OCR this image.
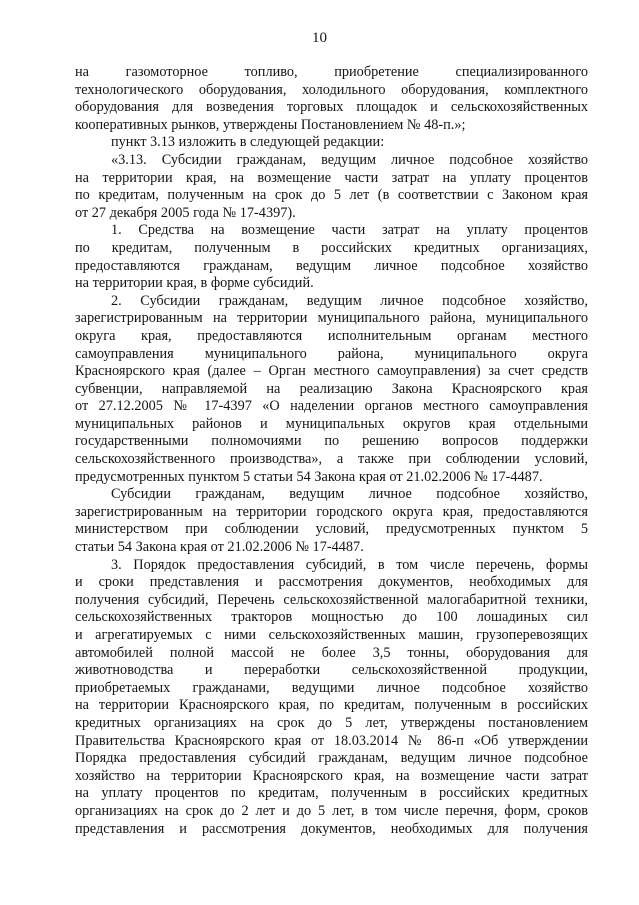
10
на газомоторное топливо, приобретение специализированного
технологического оборудования, холодильного оборудования, комплектного
оборудования для возведения торговых площадок и сельскохозяйственных
кооперативных рынков, утверждены Постановлением № 48-п.»;
пункт 3.13 изложить в следующей редакции:
«3.13. Субсидии гражданам, ведущим личное подсобное хозяйство
на территории края, на возмещение части затрат на уплату процентов
по кредитам, полученным на срок до 5 лет (в соответствии с Законом края
от 27 декабря 2005 года № 17-4397).
1. Средства на возмещение части затрат на уплату процентов
по кредитам, полученным в российских кредитных организациях,
предоставляются гражданам, ведущим личное подсобное хозяйство
на территории края, в форме субсидий.
2. Субсидии гражданам, ведущим личное подсобное хозяйство,
зарегистрированным на территории муниципального района, муниципального
округа края, предоставляются исполнительным органам местного
самоуправления муниципального района, муниципального округа
Красноярского края (далее – Орган местного самоуправления) за счет средств
субвенции, направляемой на реализацию Закона Красноярского края
от 27.12.2005 № 17-4397 «О наделении органов местного самоуправления
муниципальных районов и муниципальных округов края отдельными
государственными полномочиями по решению вопросов поддержки
сельскохозяйственного производства», а также при соблюдении условий,
предусмотренных пунктом 5 статьи 54 Закона края от 21.02.2006 № 17-4487.
Субсидии гражданам, ведущим личное подсобное хозяйство,
зарегистрированным на территории городского округа края, предоставляются
министерством при соблюдении условий, предусмотренных пунктом 5
статьи 54 Закона края от 21.02.2006 № 17-4487.
3. Порядок предоставления субсидий, в том числе перечень, формы
и сроки представления и рассмотрения документов, необходимых для
получения субсидий, Перечень сельскохозяйственной малогабаритной техники,
сельскохозяйственных тракторов мощностью до 100 лошадиных сил
и агрегатируемых с ними сельскохозяйственных машин, грузоперевозящих
автомобилей полной массой не более 3,5 тонны, оборудования для
животноводства и переработки сельскохозяйственной продукции,
приобретаемых гражданами, ведущими личное подсобное хозяйство
на территории Красноярского края, по кредитам, полученным в российских
кредитных организациях на срок до 5 лет, утверждены постановлением
Правительства Красноярского края от 18.03.2014 № 86-п «Об утверждении
Порядка предоставления субсидий гражданам, ведущим личное подсобное
хозяйство на территории Красноярского края, на возмещение части затрат
на уплату процентов по кредитам, полученным в российских кредитных
организациях на срок до 2 лет и до 5 лет, в том числе перечня, форм, сроков
представления и рассмотрения документов, необходимых для получения
